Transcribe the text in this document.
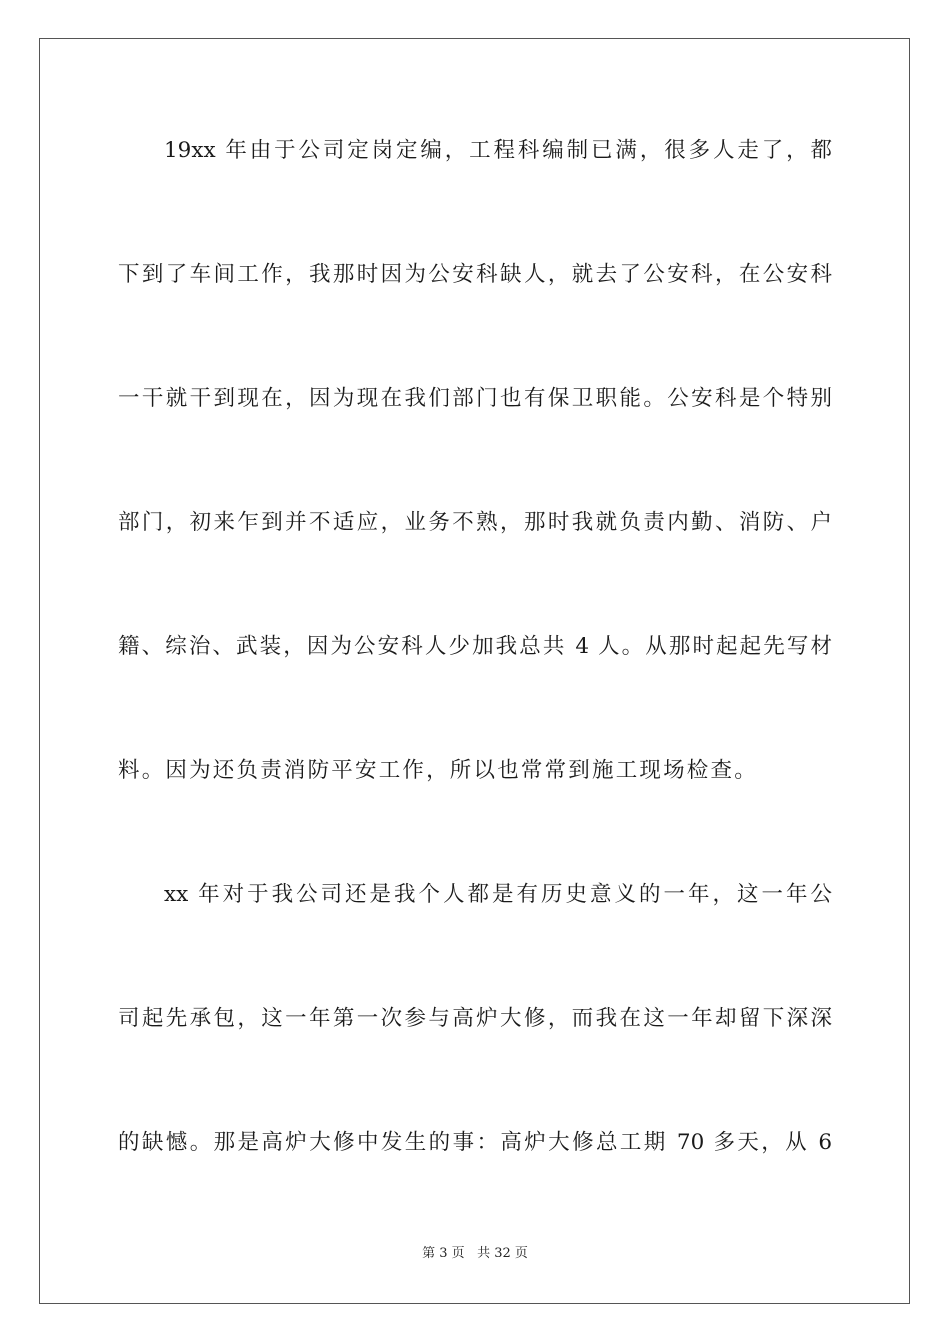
19xx 年由于公司定岗定编，工程科编制已满，很多人走了，都
下到了车间工作，我那时因为公安科缺人，就去了公安科，在公安科
一干就干到现在，因为现在我们部门也有保卫职能。公安科是个特别
部门，初来乍到并不适应，业务不熟，那时我就负责内勤、消防、户
籍、综治、武装，因为公安科人少加我总共 4 人。从那时起起先写材
料。因为还负责消防平安工作，所以也常常到施工现场检查。
xx 年对于我公司还是我个人都是有历史意义的一年，这一年公
司起先承包，这一年第一次参与高炉大修，而我在这一年却留下深深
的缺憾。那是高炉大修中发生的事：高炉大修总工期 70 多天，从 6
第 3 页 共 32 页
